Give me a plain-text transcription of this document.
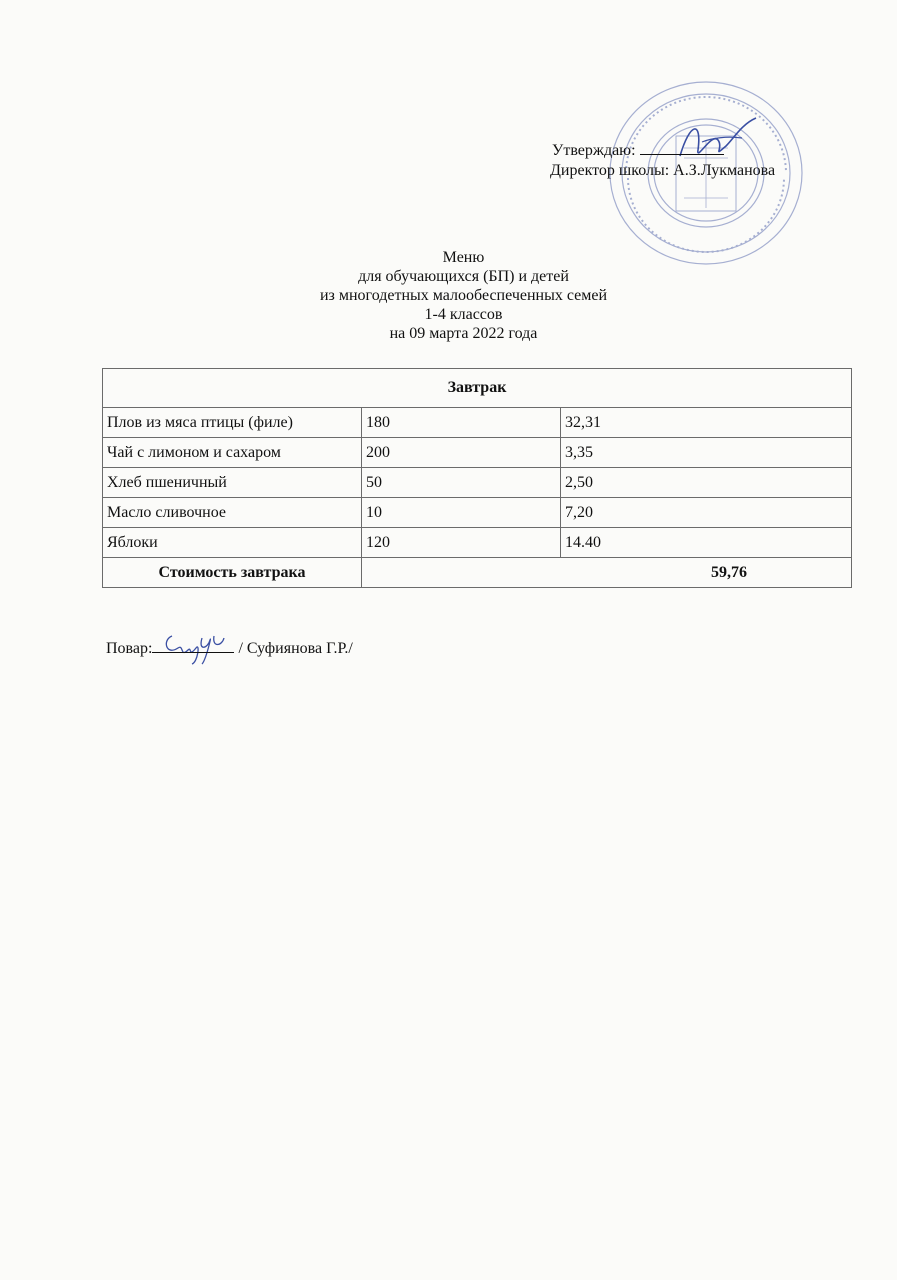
Утверждаю:
Директор школы: А.З.Лукманова
Меню
для обучающихся (БП) и детей
из многодетных малообеспеченных семей
1-4 классов
на 09 марта 2022 года
Завтрак		
Плов из мяса птицы (филе)	180	32,31
Чай с лимоном и сахаром	200	3,35
Хлеб пшеничный	50	2,50
Масло сливочное	10	7,20
Яблоки	120	14.40
Стоимость завтрака	59,76	
Повар:	/ Суфиянова Г.Р./
